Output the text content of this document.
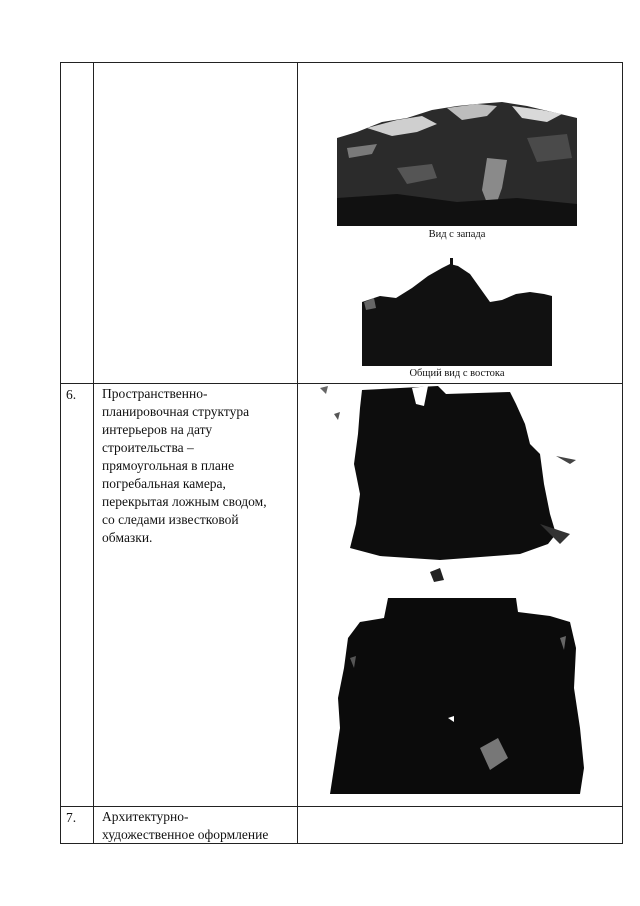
Вид с запада
Общий вид с востока
6. Пространственно-
планировочная структура
интерьеров на дату
строительства –
прямоугольная в плане
погребальная камера,
перекрытая ложным сводом,
со следами известковой
обмазки.
7. Архитектурно-
художественное оформление
